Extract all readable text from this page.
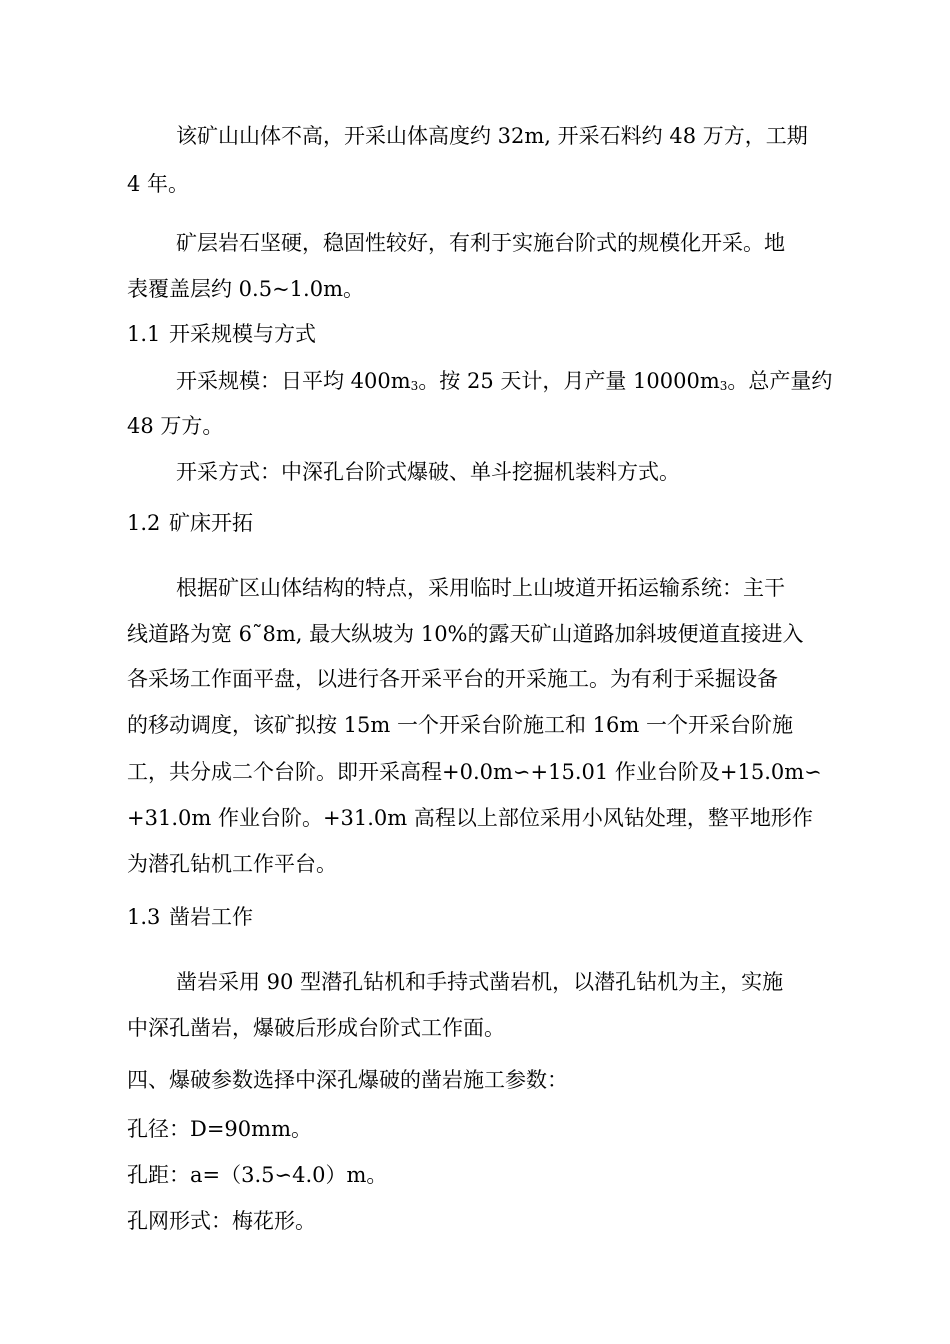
该矿山山体不高，开采山体高度约 32m, 开采石料约 48 万方，工期
4 年。
矿层岩石坚硬，稳固性较好，有利于实施台阶式的规模化开采。地
表覆盖层约 0.5~1.0m。
1.1 开采规模与方式
开采规模：日平均 400m3。按 25 天计，月产量 10000m3。总产量约
48 万方。
开采方式：中深孔台阶式爆破、单斗挖掘机装料方式。
1.2 矿床开拓
根据矿区山体结构的特点，采用临时上山坡道开拓运输系统：主干
线道路为宽 6˜8m, 最大纵坡为 10%的露天矿山道路加斜坡便道直接进入
各采场工作面平盘，以进行各开采平台的开采施工。为有利于采掘设备
的移动调度，该矿拟按 15m 一个开采台阶施工和 16m 一个开采台阶施
工，共分成二个台阶。即开采高程+0.0m∽+15.01 作业台阶及+15.0m∽
+31.0m 作业台阶。+31.0m 高程以上部位采用小风钻处理，整平地形作
为潜孔钻机工作平台。
1.3 凿岩工作
凿岩采用 90 型潜孔钻机和手持式凿岩机，以潜孔钻机为主，实施
中深孔凿岩，爆破后形成台阶式工作面。
四、爆破参数选择中深孔爆破的凿岩施工参数：
孔径：D=90mm。
孔距：a=（3.5∽4.0）m。
孔网形式：梅花形。
